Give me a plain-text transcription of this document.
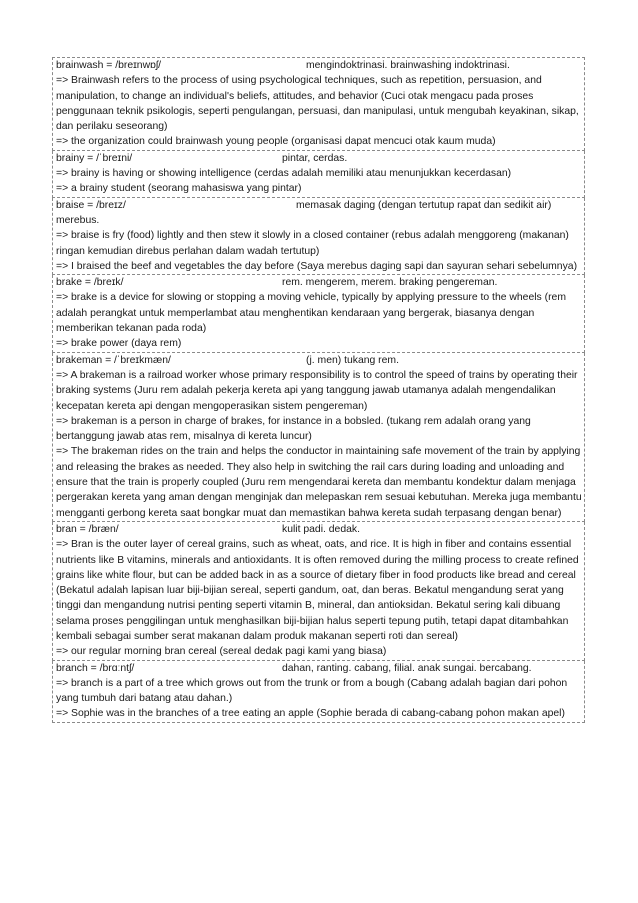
brainwash = /breɪnwɒʃ/	mengindoktrinasi. brainwashing indoktrinasi.
=> Brainwash refers to the process of using psychological techniques, such as repetition, persuasion, and manipulation, to change an individual's beliefs, attitudes, and behavior (Cuci otak mengacu pada proses penggunaan teknik psikologis, seperti pengulangan, persuasi, dan manipulasi, untuk mengubah keyakinan, sikap, dan perilaku seseorang)
=> the organization could brainwash young people (organisasi dapat mencuci otak kaum muda)
brainy = /ˈbreɪni/	pintar, cerdas.
=> brainy is having or showing intelligence (cerdas adalah memiliki atau menunjukkan kecerdasan)
=> a brainy student (seorang mahasiswa yang pintar)
braise = /breɪz/	memasak daging (dengan tertutup rapat dan sedikit air) merebus.
=> braise is fry (food) lightly and then stew it slowly in a closed container (rebus adalah menggoreng (makanan) ringan kemudian direbus perlahan dalam wadah tertutup)
=> I braised the beef and vegetables the day before (Saya merebus daging sapi dan sayuran sehari sebelumnya)
brake = /breɪk/	rem. mengerem, merem. braking pengereman.
=> brake is a device for slowing or stopping a moving vehicle, typically by applying pressure to the wheels (rem adalah perangkat untuk memperlambat atau menghentikan kendaraan yang bergerak, biasanya dengan memberikan tekanan pada roda)
=> brake power (daya rem)
brakeman = /ˈbreɪkmæn/	(j. men) tukang rem.
=> A brakeman is a railroad worker whose primary responsibility is to control the speed of trains by operating their braking systems (Juru rem adalah pekerja kereta api yang tanggung jawab utamanya adalah mengendalikan kecepatan kereta api dengan mengoperasikan sistem pengereman)
=> brakeman is a person in charge of brakes, for instance in a bobsled. (tukang rem adalah orang yang bertanggung jawab atas rem, misalnya di kereta luncur)
=> The brakeman rides on the train and helps the conductor in maintaining safe movement of the train by applying and releasing the brakes as needed. They also help in switching the rail cars during loading and unloading and ensure that the train is properly coupled (Juru rem mengendarai kereta dan membantu kondektur dalam menjaga pergerakan kereta yang aman dengan menginjak dan melepaskan rem sesuai kebutuhan. Mereka juga membantu mengganti gerbong kereta saat bongkar muat dan memastikan bahwa kereta sudah terpasang dengan benar)
bran = /bræn/	kulit padi. dedak.
=> Bran is the outer layer of cereal grains, such as wheat, oats, and rice. It is high in fiber and contains essential nutrients like B vitamins, minerals and antioxidants. It is often removed during the milling process to create refined grains like white flour, but can be added back in as a source of dietary fiber in food products like bread and cereal (Bekatul adalah lapisan luar biji-bijian sereal, seperti gandum, oat, dan beras. Bekatul mengandung serat yang tinggi dan mengandung nutrisi penting seperti vitamin B, mineral, dan antioksidan. Bekatul sering kali dibuang selama proses penggilingan untuk menghasilkan biji-bijian halus seperti tepung putih, tetapi dapat ditambahkan kembali sebagai sumber serat makanan dalam produk makanan seperti roti dan sereal)
=> our regular morning bran cereal (sereal dedak pagi kami yang biasa)
branch = /brɑːntʃ/	dahan, ranting. cabang, filial. anak sungai. bercabang.
=> branch is a part of a tree which grows out from the trunk or from a bough (Cabang adalah bagian dari pohon yang tumbuh dari batang atau dahan.)
=> Sophie was in the branches of a tree eating an apple (Sophie berada di cabang-cabang pohon makan apel)
